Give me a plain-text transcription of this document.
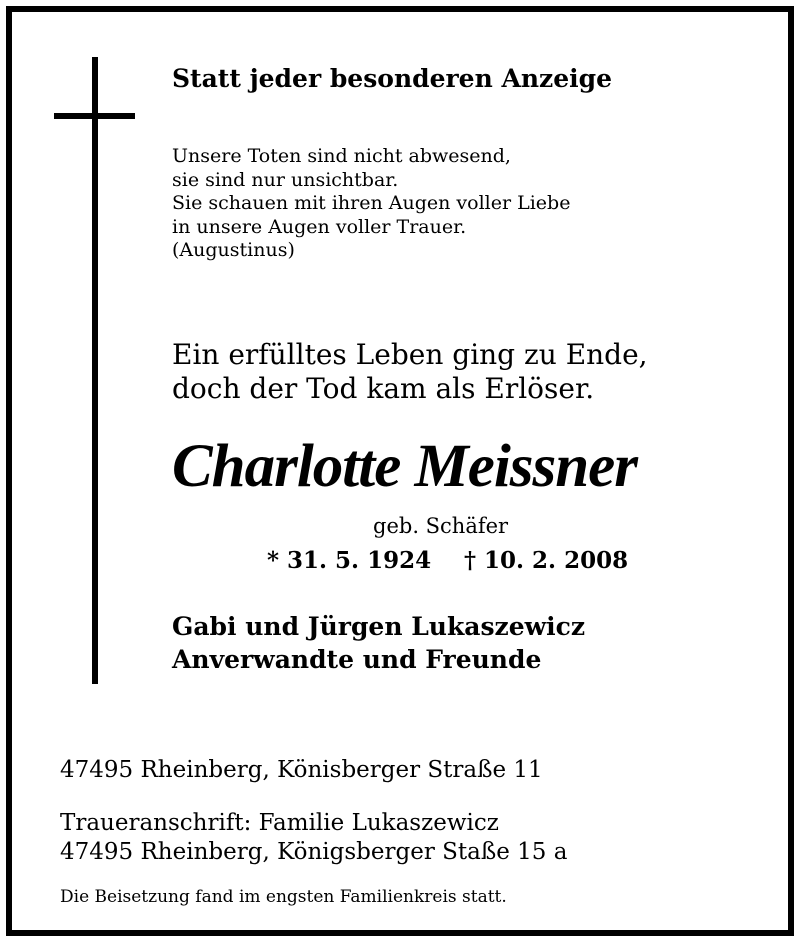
Statt jeder besonderen Anzeige
Unsere Toten sind nicht abwesend,
sie sind nur unsichtbar.
Sie schauen mit ihren Augen voller Liebe
in unsere Augen voller Trauer.
(Augustinus)
Ein erfülltes Leben ging zu Ende,
doch der Tod kam als Erlöser.
Charlotte Meissner
geb. Schäfer
* 31. 5. 1924 † 10. 2. 2008
Gabi und Jürgen Lukaszewicz
Anverwandte und Freunde
47495 Rheinberg, Könisberger Straße 11
Traueranschrift: Familie Lukaszewicz
47495 Rheinberg, Königsberger Staße 15 a
Die Beisetzung fand im engsten Familienkreis statt.
